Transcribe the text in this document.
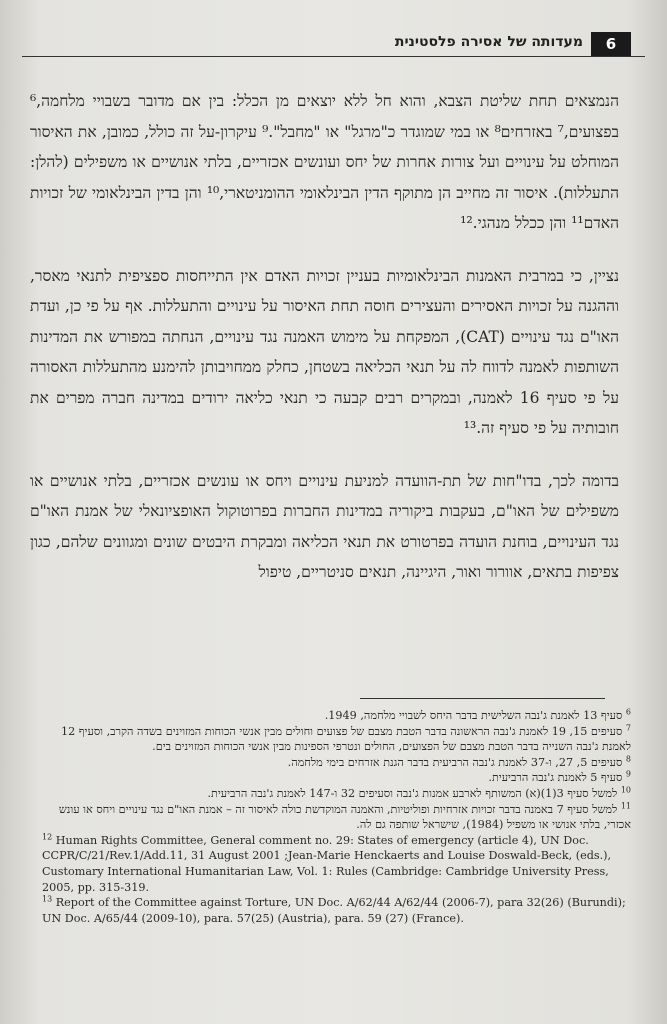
6
מעדותה של אסירה פלסטינית

הנמצאים תחת שליטת הצבא, והוא חל ללא יוצאים מן הכלל: בין אם מדובר בשבויי מלחמה,⁶ בפצועים,⁷ באזרחים⁸ או במי שמוגדר כ"מרגל" או "מחבל".⁹ עיקרון-על זה כולל, כמובן, את האיסור המוחלט על עינויים ועל צורות אחרות של יחס ועונשים אכזריים, בלתי אנושיים או משפילים (להלן: התעללות). איסור זה מחייב הן מתוקף הדין הבינלאומי ההומניטארי,¹⁰ והן בדין הבינלאומי של זכויות האדם¹¹ והן ככלל מנהגי.¹²

נציין, כי במרבית האמנות הבינלאומיות בעניין זכויות האדם אין התייחסות ספציפית לתנאי מאסר, וההגנה על זכויות האסירים והעצירים חוסה תחת האיסור על עינויים והתעללות. אף על פי כן, ועדת האו"ם נגד עינויים (CAT), המפקחת על מימוש האמנה נגד עינויים, הנחתה במפורש את המדינות השותפות לאמנה לדווח לה על תנאי הכליאה בשטחן, כחלק ממחויבותן להימנע מהתעללות האסורה על פי סעיף 16 לאמנה, ובמקרים רבים קבעה כי תנאי כליאה ירודים במדינה חברה מפרים את חובותיה על פי סעיף זה.¹³

בדומה לכך, בדו"חות של תת-הוועדה למניעת עינויים ויחס או עונשים אכזריים, בלתי אנושיים או משפילים של האו"ם, בעקבות ביקוריה במדינות החברות בפרוטוקול האופציונאלי של אמנת האו"ם נגד העינויים, בוחנת הועדה בפרטורט את תנאי הכליאה ומבקרת היבטים שונים ומגוונים שלהם, כגון צפיפות בתאים, אוורור ואור, היגיינה, תנאים סניטריים, טיפול

$^6$ סעיף 13 לאמנת ג'נבה השלישית בדבר היחס לשבויי מלחמה, 1949.

$^7$ סעיפים 15, 19 לאמנת ג'נבה הראשונה בדבר הטבת מצבם של פצועים וחולים מבין אנשי הכוחות המזוינים בשדה הקרב, וסעיף 12 לאמנת ג'נבה השנייה בדבר הטבת מצבם של הפצועים, החולים ונטרפי הספינות מבין אנשי הכוחות המזוינים בים.

$^8$ סעיפים 5, 27, ו-37 לאמנת ג'נבה הרביעית בדבר הגנת אזרחים בימי מלחמה.

$^9$ סעיף 5 לאמנת ג'נבה הרביעית.

$^{10}$ למשל סעיף 3(1)(א) המשותף לארבע אמנות ג'נבה וסעיפים 32 ו-147 לאמנת ג'נבה הרביעית.

$^{11}$ למשל סעיף 7 באמנה בדבר זכויות אזרחיות ופוליטיות, והאמנה המוקדשת כולה לאיסור זה – אמנת האו"ם נגד עינויים ויחס או עונש אכזרי, בלתי אנושי או משפיל (1984), שישראל שותפה גם לה.

$^{12}$ Human Rights Committee, General comment no. 29: States of emergency (article 4), UN Doc. CCPR/C/21/Rev.1/Add.11, 31 August 2001 ;Jean-Marie Henckaerts and Louise Doswald-Beck, (eds.), Customary International Humanitarian Law, Vol. 1: Rules (Cambridge: Cambridge University Press, 2005, pp. 315-319.

$^{13}$ Report of the Committee against Torture, UN Doc. A/62/44 A/62/44 (2006-7), para 32(26) (Burundi); UN Doc. A/65/44 (2009-10), para. 57(25) (Austria), para. 59 (27) (France).
